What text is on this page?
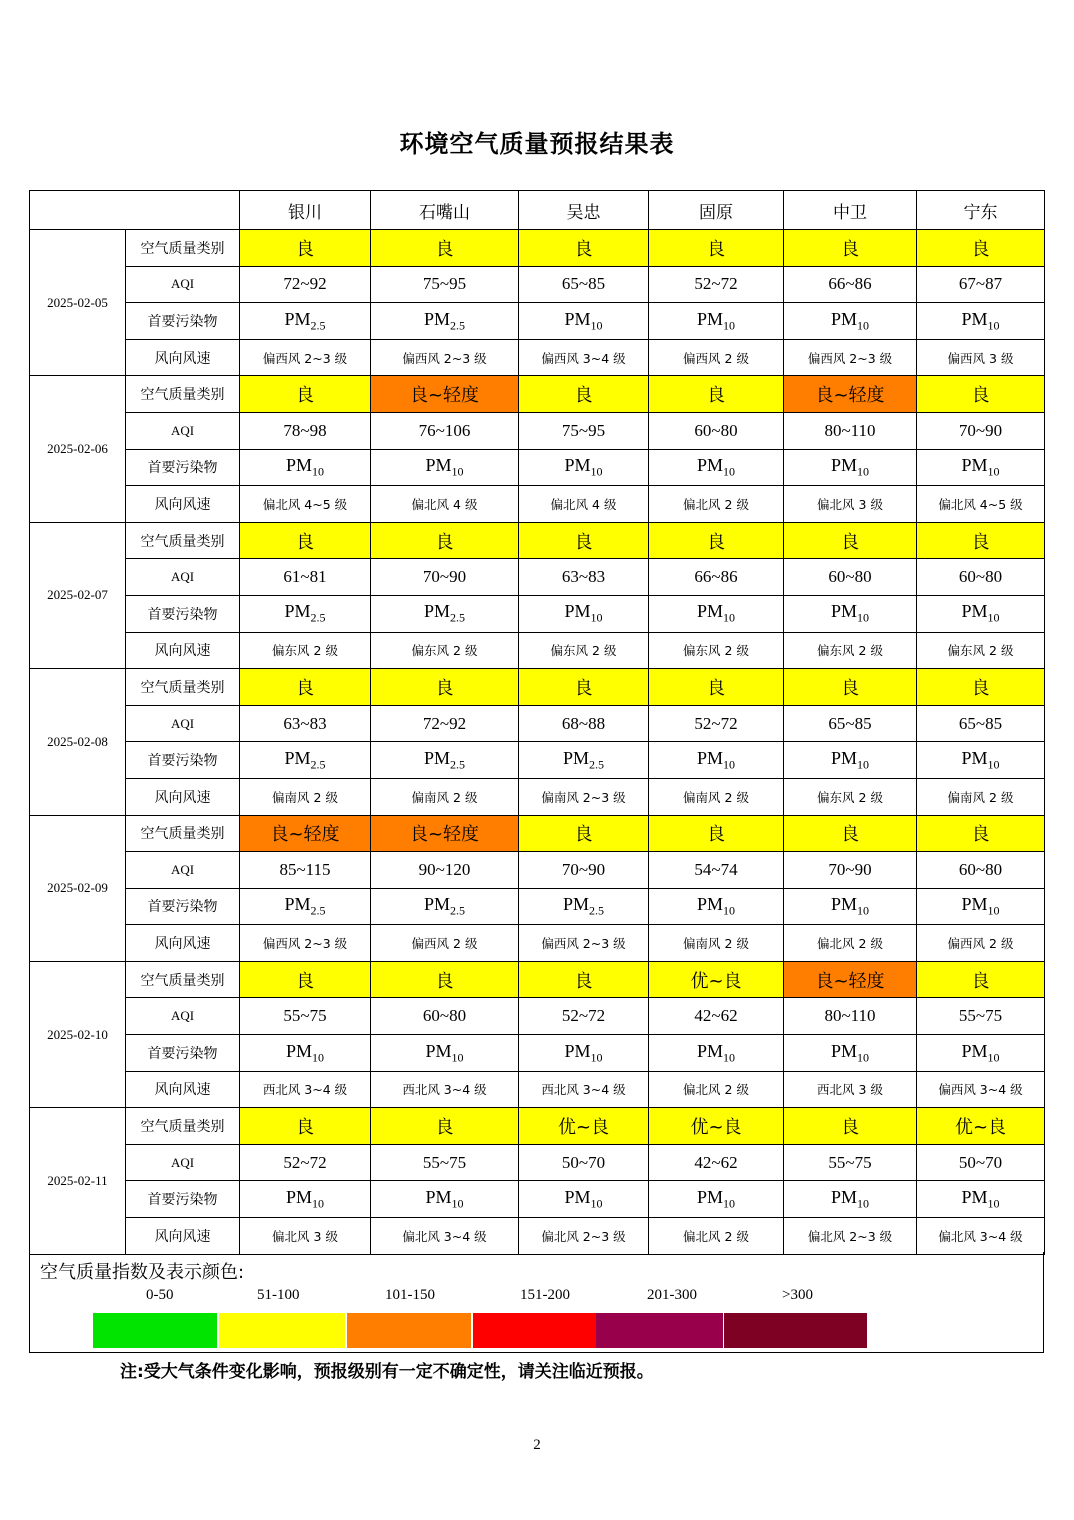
环境空气质量预报结果表
		银川	石嘴山	吴忠	固原	中卫	宁东
2025-02-05	空气质量类别	良	良	良	良	良	良
	AQI	72~92	75~95	65~85	52~72	66~86	67~87
	首要污染物	$PM_{2.5}$	$PM_{2.5}$	$PM_{10}$	$PM_{10}$	$PM_{10}$	$PM_{10}$
	风向风速	偏西风 2~3 级	偏西风 2~3 级	偏西风 3~4 级	偏西风 2 级	偏西风 2~3 级	偏西风 3 级
2025-02-06	空气质量类别	良	良~轻度	良	良	良~轻度	良
	AQI	78~98	76~106	75~95	60~80	80~110	70~90
	首要污染物	$PM_{10}$	$PM_{10}$	$PM_{10}$	$PM_{10}$	$PM_{10}$	$PM_{10}$
	风向风速	偏北风 4~5 级	偏北风 4 级	偏北风 4 级	偏北风 2 级	偏北风 3 级	偏北风 4~5 级
2025-02-07	空气质量类别	良	良	良	良	良	良
	AQI	61~81	70~90	63~83	66~86	60~80	60~80
	首要污染物	$PM_{2.5}$	$PM_{2.5}$	$PM_{10}$	$PM_{10}$	$PM_{10}$	$PM_{10}$
	风向风速	偏东风 2 级	偏东风 2 级	偏东风 2 级	偏东风 2 级	偏东风 2 级	偏东风 2 级
2025-02-08	空气质量类别	良	良	良	良	良	良
	AQI	63~83	72~92	68~88	52~72	65~85	65~85
	首要污染物	$PM_{2.5}$	$PM_{2.5}$	$PM_{2.5}$	$PM_{10}$	$PM_{10}$	$PM_{10}$
	风向风速	偏南风 2 级	偏南风 2 级	偏南风 2~3 级	偏南风 2 级	偏东风 2 级	偏南风 2 级
2025-02-09	空气质量类别	良~轻度	良~轻度	良	良	良	良
	AQI	85~115	90~120	70~90	54~74	70~90	60~80
	首要污染物	$PM_{2.5}$	$PM_{2.5}$	$PM_{2.5}$	$PM_{10}$	$PM_{10}$	$PM_{10}$
	风向风速	偏西风 2~3 级	偏西风 2 级	偏西风 2~3 级	偏南风 2 级	偏北风 2 级	偏西风 2 级
2025-02-10	空气质量类别	良	良	良	优~良	良~轻度	良
	AQI	55~75	60~80	52~72	42~62	80~110	55~75
	首要污染物	$PM_{10}$	$PM_{10}$	$PM_{10}$	$PM_{10}$	$PM_{10}$	$PM_{10}$
	风向风速	西北风 3~4 级	西北风 3~4 级	西北风 3~4 级	偏北风 2 级	西北风 3 级	偏西风 3~4 级
2025-02-11	空气质量类别	良	良	优~良	优~良	良	优~良
	AQI	52~72	55~75	50~70	42~62	55~75	50~70
	首要污染物	$PM_{10}$	$PM_{10}$	$PM_{10}$	$PM_{10}$	$PM_{10}$	$PM_{10}$
	风向风速	偏北风 3 级	偏北风 3~4 级	偏北风 2~3 级	偏北风 2 级	偏北风 2~3 级	偏北风 3~4 级
空气质量指数及表示颜色:
0-50	51-100	101-150	151-200	201-300	>300
注:受大气条件变化影响，预报级别有一定不确定性，请关注临近预报。
2
